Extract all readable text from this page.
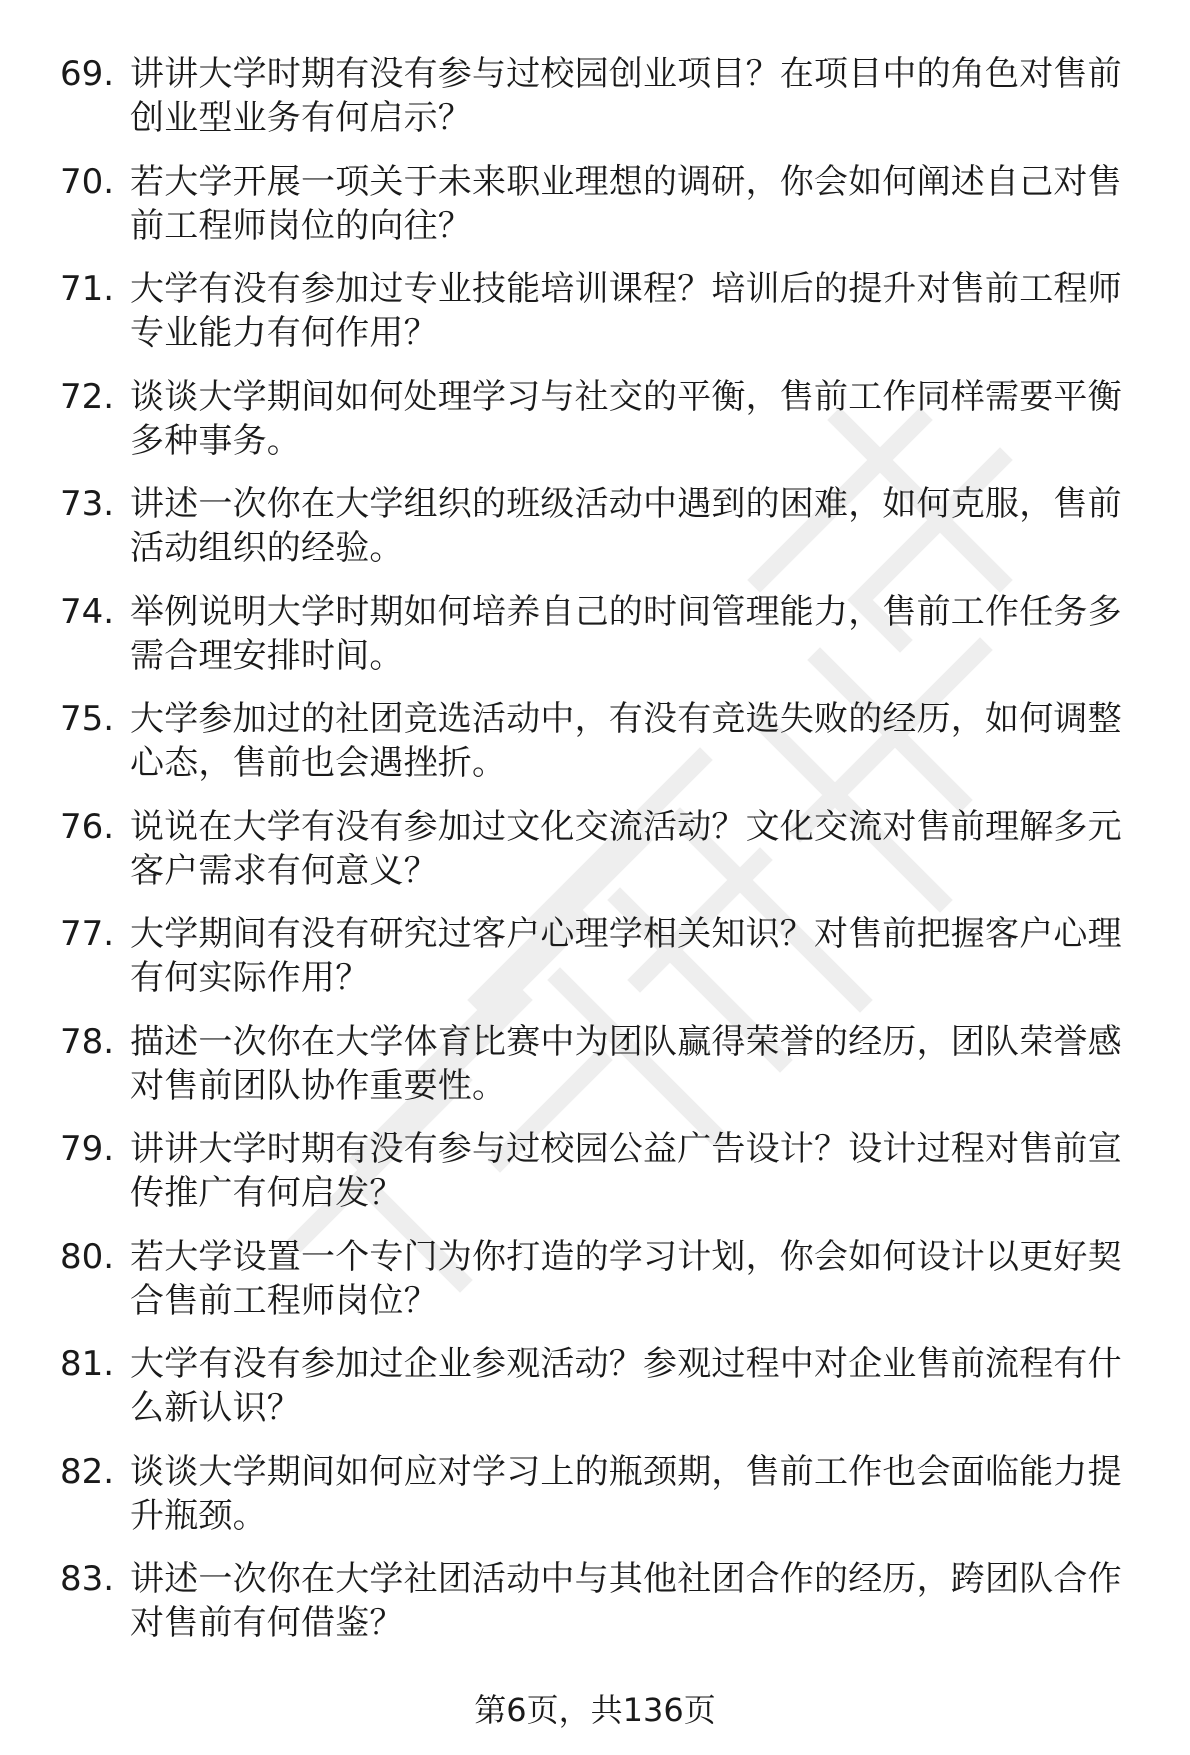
69. 讲讲大学时期有没有参与过校园创业项目？在项目中的角色对售前创业型业务有何启示？
70. 若大学开展一项关于未来职业理想的调研，你会如何阐述自己对售前工程师岗位的向往？
71. 大学有没有参加过专业技能培训课程？培训后的提升对售前工程师专业能力有何作用？
72. 谈谈大学期间如何处理学习与社交的平衡，售前工作同样需要平衡多种事务。
73. 讲述一次你在大学组织的班级活动中遇到的困难，如何克服，售前活动组织的经验。
74. 举例说明大学时期如何培养自己的时间管理能力，售前工作任务多需合理安排时间。
75. 大学参加过的社团竞选活动中，有没有竞选失败的经历，如何调整心态，售前也会遇挫折。
76. 说说在大学有没有参加过文化交流活动？文化交流对售前理解多元客户需求有何意义？
77. 大学期间有没有研究过客户心理学相关知识？对售前把握客户心理有何实际作用？
78. 描述一次你在大学体育比赛中为团队赢得荣誉的经历，团队荣誉感对售前团队协作重要性。
79. 讲讲大学时期有没有参与过校园公益广告设计？设计过程对售前宣传推广有何启发？
80. 若大学设置一个专门为你打造的学习计划，你会如何设计以更好契合售前工程师岗位？
81. 大学有没有参加过企业参观活动？参观过程中对企业售前流程有什么新认识？
82. 谈谈大学期间如何应对学习上的瓶颈期，售前工作也会面临能力提升瓶颈。
83. 讲述一次你在大学社团活动中与其他社团合作的经历，跨团队合作对售前有何借鉴？
第6页，共136页
